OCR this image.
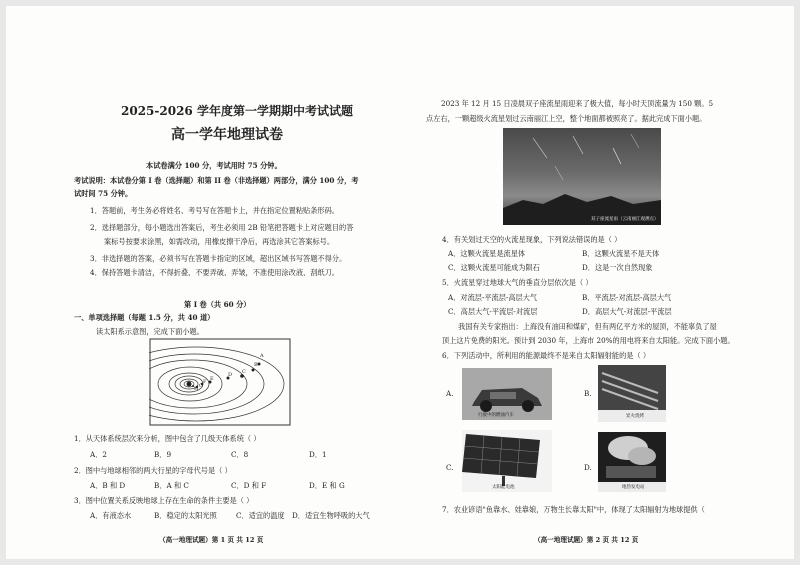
2025-2026 学年度第一学期期中考试试题
高一学年地理试卷
本试卷满分 100 分，考试用时 75 分钟。
考试说明：本试卷分第 I 卷（选择题）和第 II 卷（非选择题）两部分，满分 100 分，考
试时间 75 分钟。
1．答题前，考生务必将姓名、考号写在答题卡上，并在指定位置粘贴条形码。
2．选择题部分，每小题选出答案后，考生必须用 2B 铅笔把答题卡上对应题目的答
案标号按要求涂黑，如需改动，用橡皮擦干净后，再选涂其它答案标号。
3．非选择题的答案，必须书写在答题卡指定的区域，超出区域书写答题不得分。
4．保持答题卡清洁，不得折叠、不要弄破、弄皱，不准使用涂改液、刮纸刀。
第 I 卷（共 60 分）
一、单项选择题（每题 1.5 分，共 40 道）
读太阳系示意图，完成下面小题。
A
B
C
D
E
F
G
H
1．从天体系统层次来分析，图中包含了几级天体系统（ ）
A．2	B．9	C．8	D．1
2．图中与地球相邻的两大行星的字母代号是（ ）
A．B 和 D	B．A 和 C	C．D 和 F	D．E 和 G
3．图中位置关系反映地球上存在生命的条件主要是（ ）
A．有液态水	B．稳定的太阳光照	C．适宜的温度 D．适宜生物呼吸的大气
（高一地理试题）第 1 页 共 12 页
2023 年 12 月 15 日凌晨双子座流星雨迎来了极大值，每小时天顶流量为 150 颗。5
点左右，一颗超级火流星划过云南丽江上空，整个地面都被照亮了。据此完成下面小题。
双子座流星雨（云南丽江观测点）
4．有关划过天空的火流星现象，下列说法错误的是（ ）
A．这颗火流星是流星体	B．这颗火流星不是天体
C．这颗火流星可能成为陨石	D．这是一次自然现象
5．火流星穿过地球大气的垂直分层依次是（ ）
A．对流层-平流层-高层大气	B．平流层-对流层-高层大气
C．高层大气-平流层-对流层	D．高层大气-对流层-平流层
我国有关专家指出：上海没有油田和煤矿，但有两亿平方米的屋顶，不能辜负了屋
顶上这片免费的阳光。预计到 2030 年，上海市 20%的用电将来自太阳能。完成下面小题。
6．下列活动中，所利用的能源最终不是来自太阳辐射能的是（ ）
A.
行驶中的燃油汽车
B.
炭火烧烤
C.
太阳能电池
D.
地热发电站
7．农业谚语"鱼靠水、娃靠娘，万物生长靠太阳"中，体现了太阳辐射为地球提供（
（高一地理试题）第 2 页 共 12 页
